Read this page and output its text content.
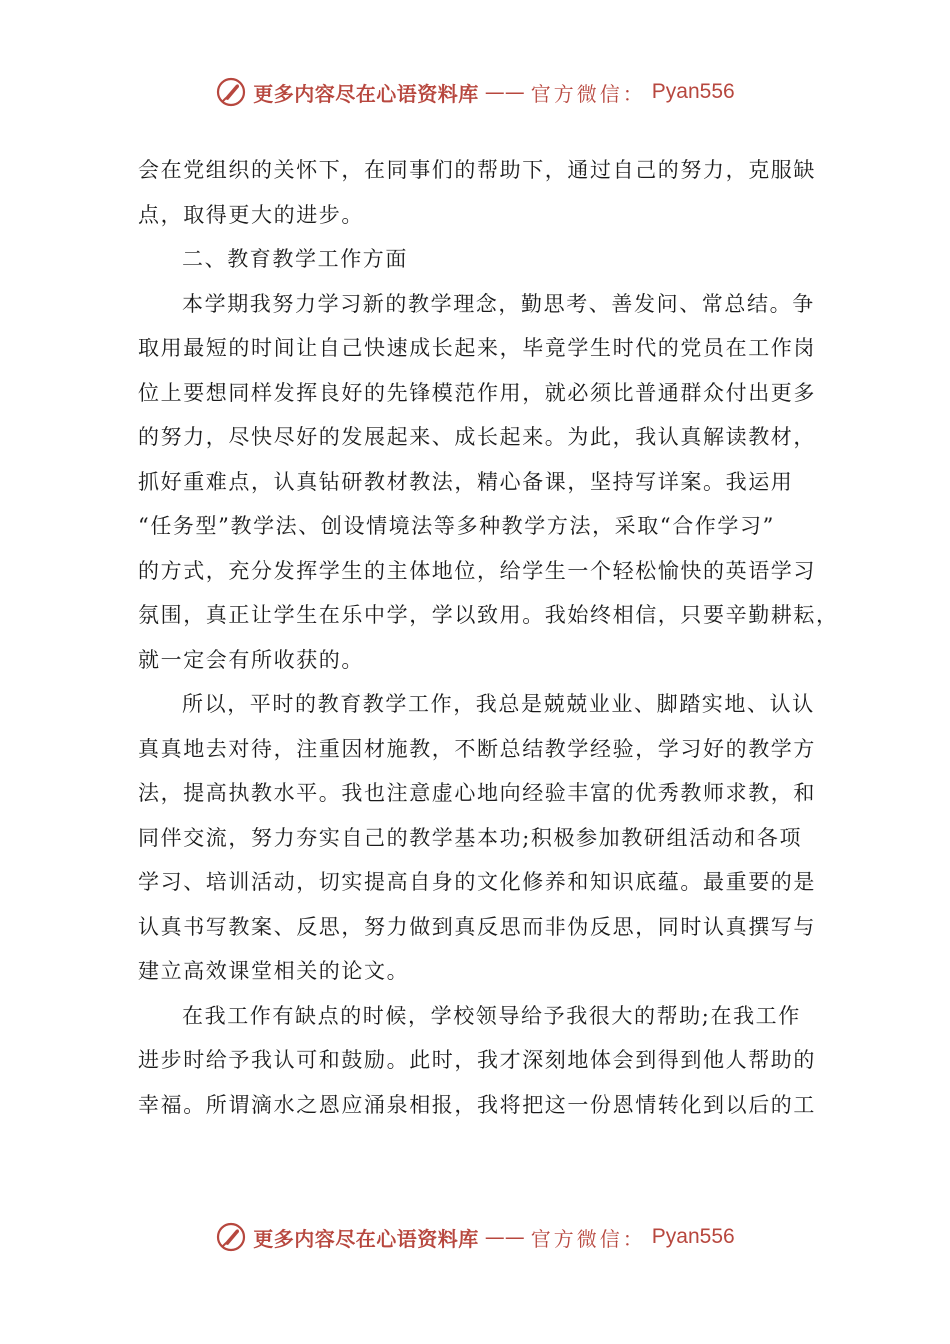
更多内容尽在心语资料库 —— 官方微信： Pyan556
会在党组织的关怀下，在同事们的帮助下，通过自己的努力，克服缺
点，取得更大的进步。
二、教育教学工作方面
本学期我努力学习新的教学理念，勤思考、善发问、常总结。争
取用最短的时间让自己快速成长起来，毕竟学生时代的党员在工作岗
位上要想同样发挥良好的先锋模范作用，就必须比普通群众付出更多
的努力，尽快尽好的发展起来、成长起来。为此，我认真解读教材，
抓好重难点，认真钻研教材教法，精心备课，坚持写详案。我运用
“任务型”教学法、创设情境法等多种教学方法，采取“合作学习”
的方式，充分发挥学生的主体地位，给学生一个轻松愉快的英语学习
氛围，真正让学生在乐中学，学以致用。我始终相信，只要辛勤耕耘，
就一定会有所收获的。
所以，平时的教育教学工作，我总是兢兢业业、脚踏实地、认认
真真地去对待，注重因材施教，不断总结教学经验，学习好的教学方
法，提高执教水平。我也注意虚心地向经验丰富的优秀教师求教，和
同伴交流，努力夯实自己的教学基本功;积极参加教研组活动和各项
学习、培训活动，切实提高自身的文化修养和知识底蕴。最重要的是
认真书写教案、反思，努力做到真反思而非伪反思，同时认真撰写与
建立高效课堂相关的论文。
在我工作有缺点的时候，学校领导给予我很大的帮助;在我工作
进步时给予我认可和鼓励。此时，我才深刻地体会到得到他人帮助的
幸福。所谓滴水之恩应涌泉相报，我将把这一份恩情转化到以后的工
更多内容尽在心语资料库 —— 官方微信： Pyan556
